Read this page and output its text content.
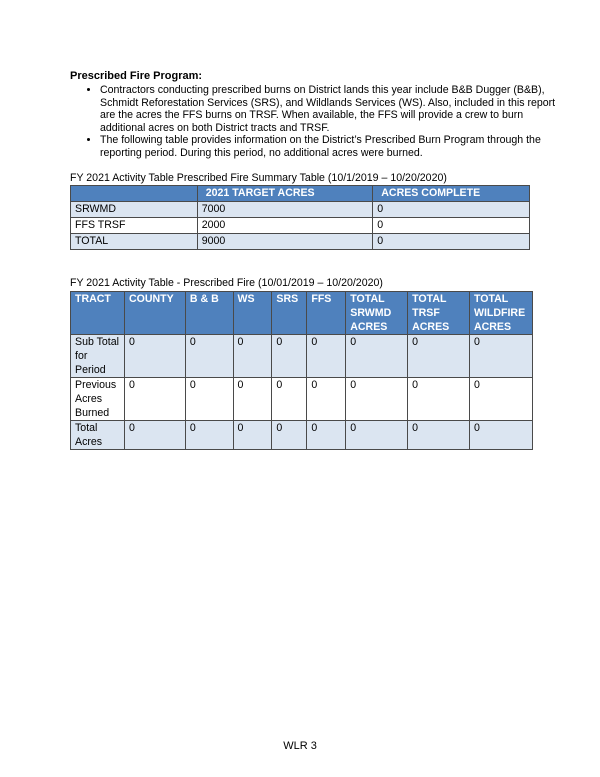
Prescribed Fire Program:
• Contractors conducting prescribed burns on District lands this year include B&B Dugger (B&B), Schmidt Reforestation Services (SRS), and Wildlands Services (WS). Also, included in this report are the acres the FFS burns on TRSF. When available, the FFS will provide a crew to burn additional acres on both District tracts and TRSF.
• The following table provides information on the District’s Prescribed Burn Program through the reporting period. During this period, no additional acres were burned.
FY 2021 Activity Table Prescribed Fire Summary Table (10/1/2019 – 10/20/2020)
	2021 TARGET ACRES	ACRES COMPLETE
SRWMD	7000	0
FFS TRSF	2000	0
TOTAL	9000	0
FY 2021 Activity Table - Prescribed Fire (10/01/2019 – 10/20/2020)
TRACT	COUNTY	B & B	WS	SRS	FFS	TOTAL SRWMD ACRES	TOTAL TRSF ACRES	TOTAL WILDFIRE ACRES
Sub Total for Period	0	0	0	0	0	0	0	0
Previous Acres Burned	0	0	0	0	0	0	0	0
Total Acres	0	0	0	0	0	0	0	0
WLR 3
